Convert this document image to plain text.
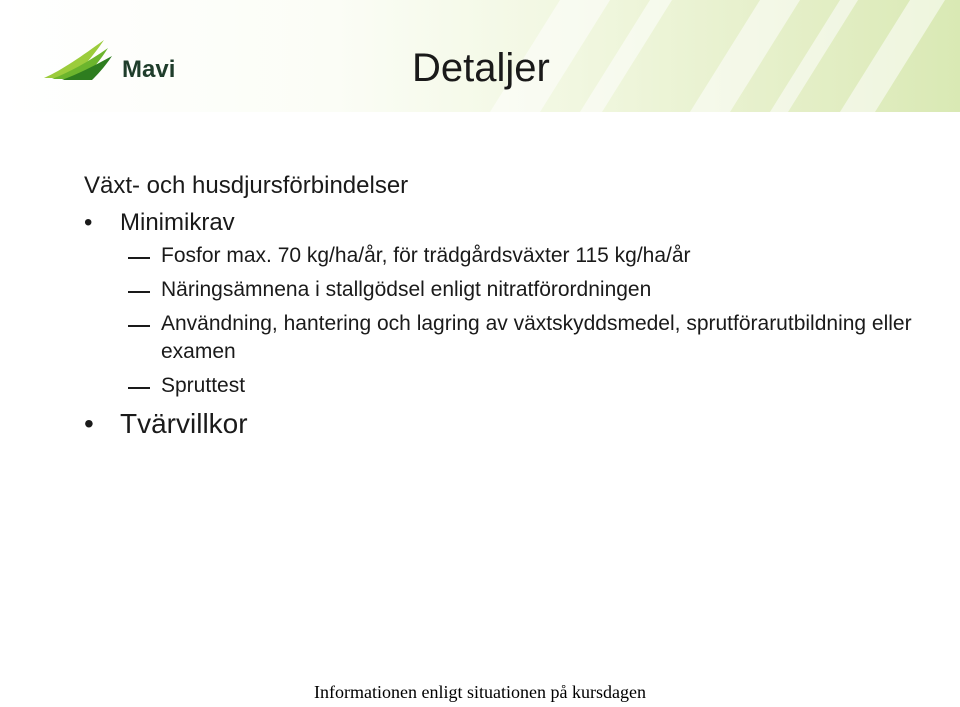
Mavi	Detaljer
Växt- och husdjursförbindelser
• Minimikrav
Fosfor max. 70 kg/ha/år, för trädgårdsväxter 115 kg/ha/år
Näringsämnena i stallgödsel enligt nitratförordningen
Användning, hantering och lagring av växtskyddsmedel, sprutförarutbildning eller examen
Spruttest
• Tvärvillkor
Informationen enligt situationen på kursdagen
